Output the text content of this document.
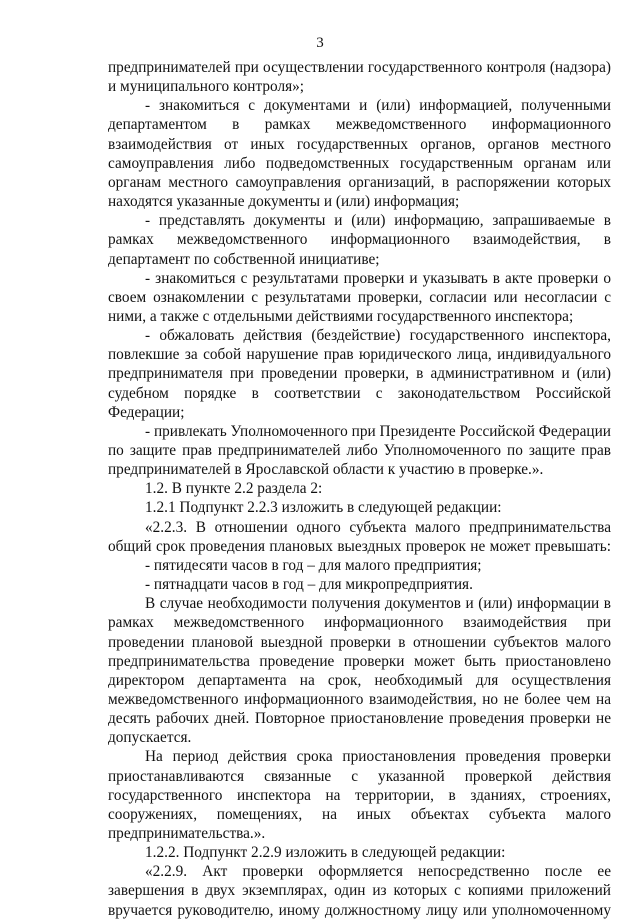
3
предпринимателей при осуществлении государственного контроля (надзора)
и муниципального контроля»;
- знакомиться с документами и (или) информацией, полученными
департаментом в рамках межведомственного информационного
взаимодействия от иных государственных органов, органов местного
самоуправления либо подведомственных государственным органам или
органам местного самоуправления организаций, в распоряжении которых
находятся указанные документы и (или) информация;
- представлять документы и (или) информацию, запрашиваемые в
рамках межведомственного информационного взаимодействия, в
департамент по собственной инициативе;
- знакомиться с результатами проверки и указывать в акте проверки о
своем ознакомлении с результатами проверки, согласии или несогласии с
ними, а также с отдельными действиями государственного инспектора;
- обжаловать действия (бездействие) государственного инспектора,
повлекшие за собой нарушение прав юридического лица, индивидуального
предпринимателя при проведении проверки, в административном и (или)
судебном порядке в соответствии с законодательством Российской
Федерации;
- привлекать Уполномоченного при Президенте Российской Федерации
по защите прав предпринимателей либо Уполномоченного по защите прав
предпринимателей в Ярославской области к участию в проверке.».
1.2. В пункте 2.2 раздела 2:
1.2.1 Подпункт 2.2.3 изложить в следующей редакции:
«2.2.3. В отношении одного субъекта малого предпринимательства
общий срок проведения плановых выездных проверок не может превышать:
- пятидесяти часов в год – для малого предприятия;
- пятнадцати часов в год – для микропредприятия.
В случае необходимости получения документов и (или) информации в
рамках межведомственного информационного взаимодействия при
проведении плановой выездной проверки в отношении субъектов малого
предпринимательства проведение проверки может быть приостановлено
директором департамента на срок, необходимый для осуществления
межведомственного информационного взаимодействия, но не более чем на
десять рабочих дней. Повторное приостановление проведения проверки не
допускается.
На период действия срока приостановления проведения проверки
приостанавливаются связанные с указанной проверкой действия
государственного инспектора на территории, в зданиях, строениях,
сооружениях, помещениях, на иных объектах субъекта малого
предпринимательства.».
1.2.2. Подпункт 2.2.9 изложить в следующей редакции:
«2.2.9. Акт проверки оформляется непосредственно после ее
завершения в двух экземплярах, один из которых с копиями приложений
вручается руководителю, иному должностному лицу или уполномоченному
